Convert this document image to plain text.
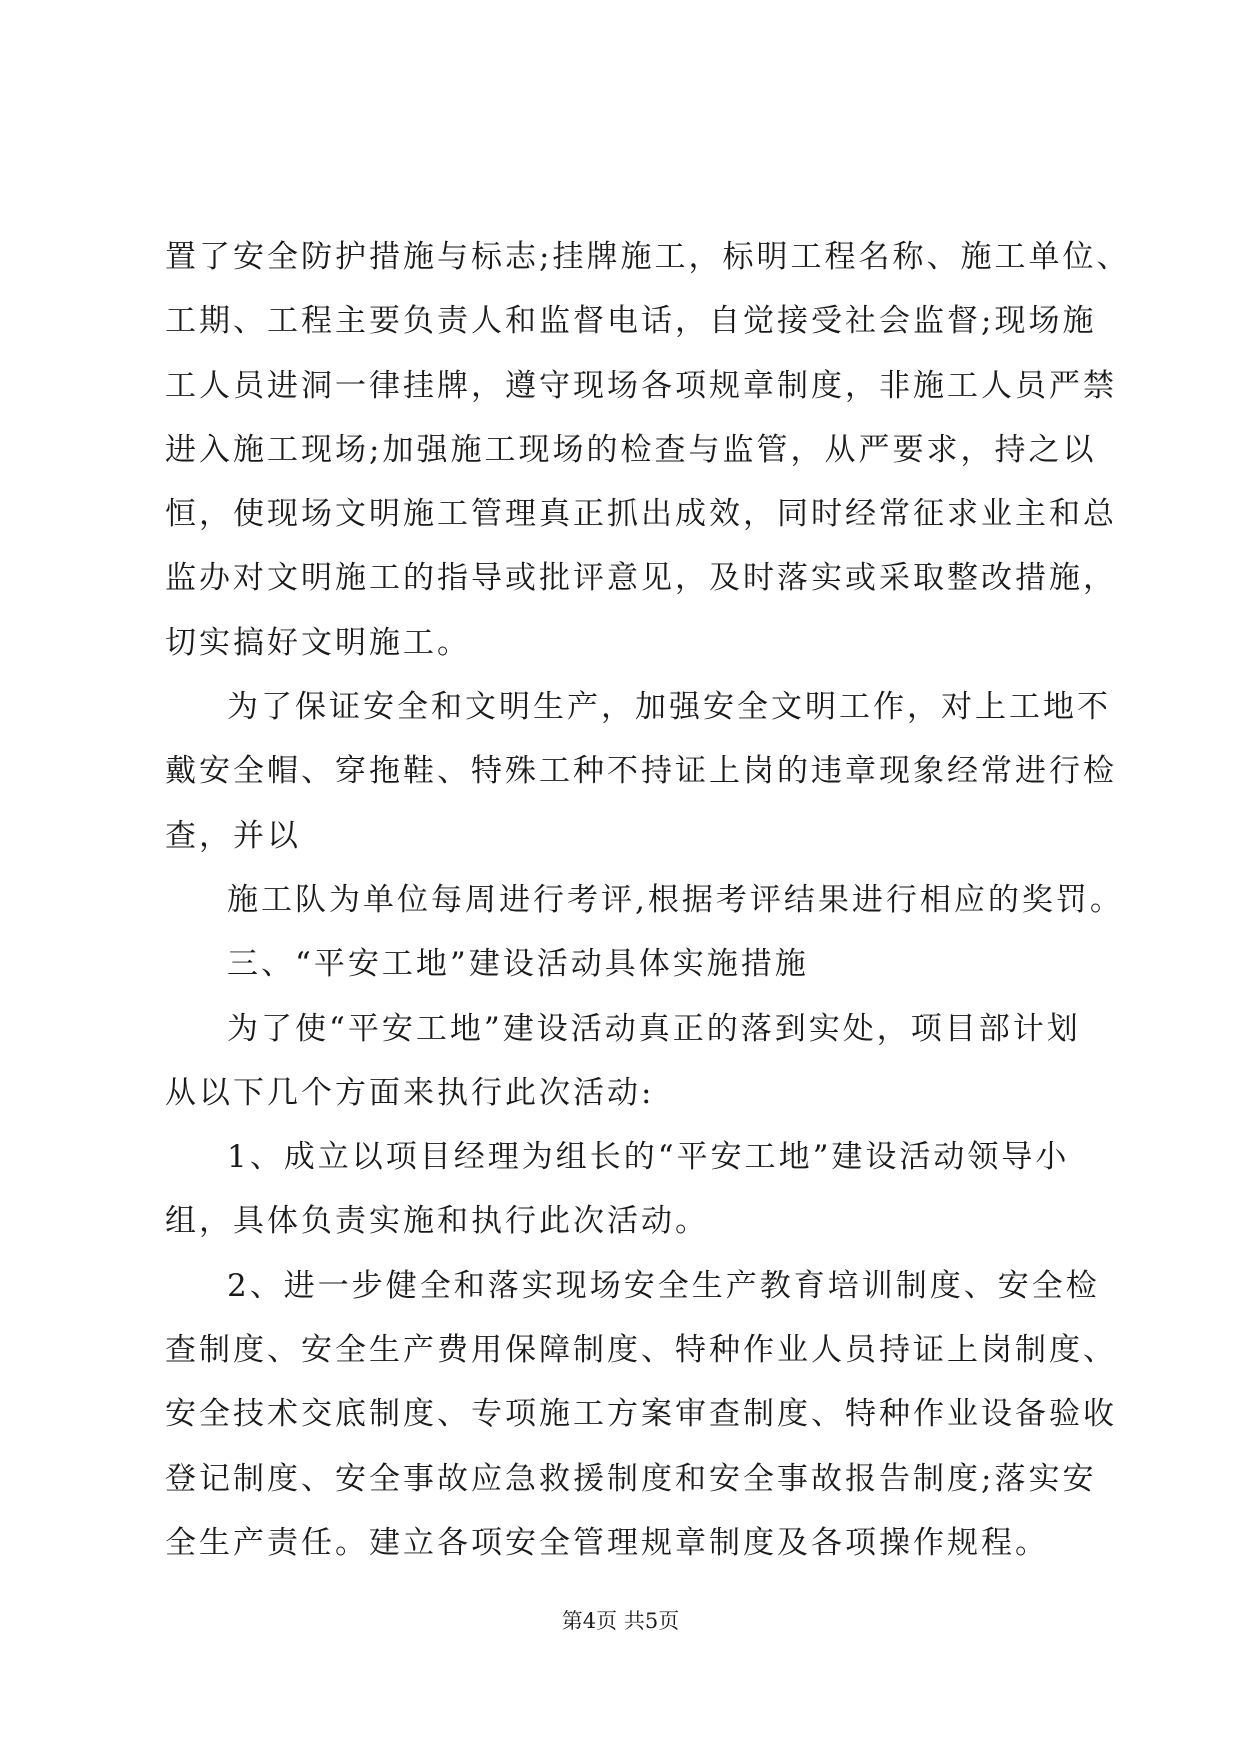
置了安全防护措施与标志;挂牌施工，标明工程名称、施工单位、
工期、工程主要负责人和监督电话，自觉接受社会监督;现场施
工人员进洞一律挂牌，遵守现场各项规章制度，非施工人员严禁
进入施工现场;加强施工现场的检查与监管，从严要求，持之以
恒，使现场文明施工管理真正抓出成效，同时经常征求业主和总
监办对文明施工的指导或批评意见，及时落实或采取整改措施，
切实搞好文明施工。
为了保证安全和文明生产，加强安全文明工作，对上工地不
戴安全帽、穿拖鞋、特殊工种不持证上岗的违章现象经常进行检
查，并以
施工队为单位每周进行考评,根据考评结果进行相应的奖罚。
三、“平安工地”建设活动具体实施措施
为了使“平安工地”建设活动真正的落到实处，项目部计划
从以下几个方面来执行此次活动:
1、成立以项目经理为组长的“平安工地”建设活动领导小
组，具体负责实施和执行此次活动。
2、进一步健全和落实现场安全生产教育培训制度、安全检
查制度、安全生产费用保障制度、特种作业人员持证上岗制度、
安全技术交底制度、专项施工方案审查制度、特种作业设备验收
登记制度、安全事故应急救援制度和安全事故报告制度;落实安
全生产责任。建立各项安全管理规章制度及各项操作规程。
第4页 共5页
